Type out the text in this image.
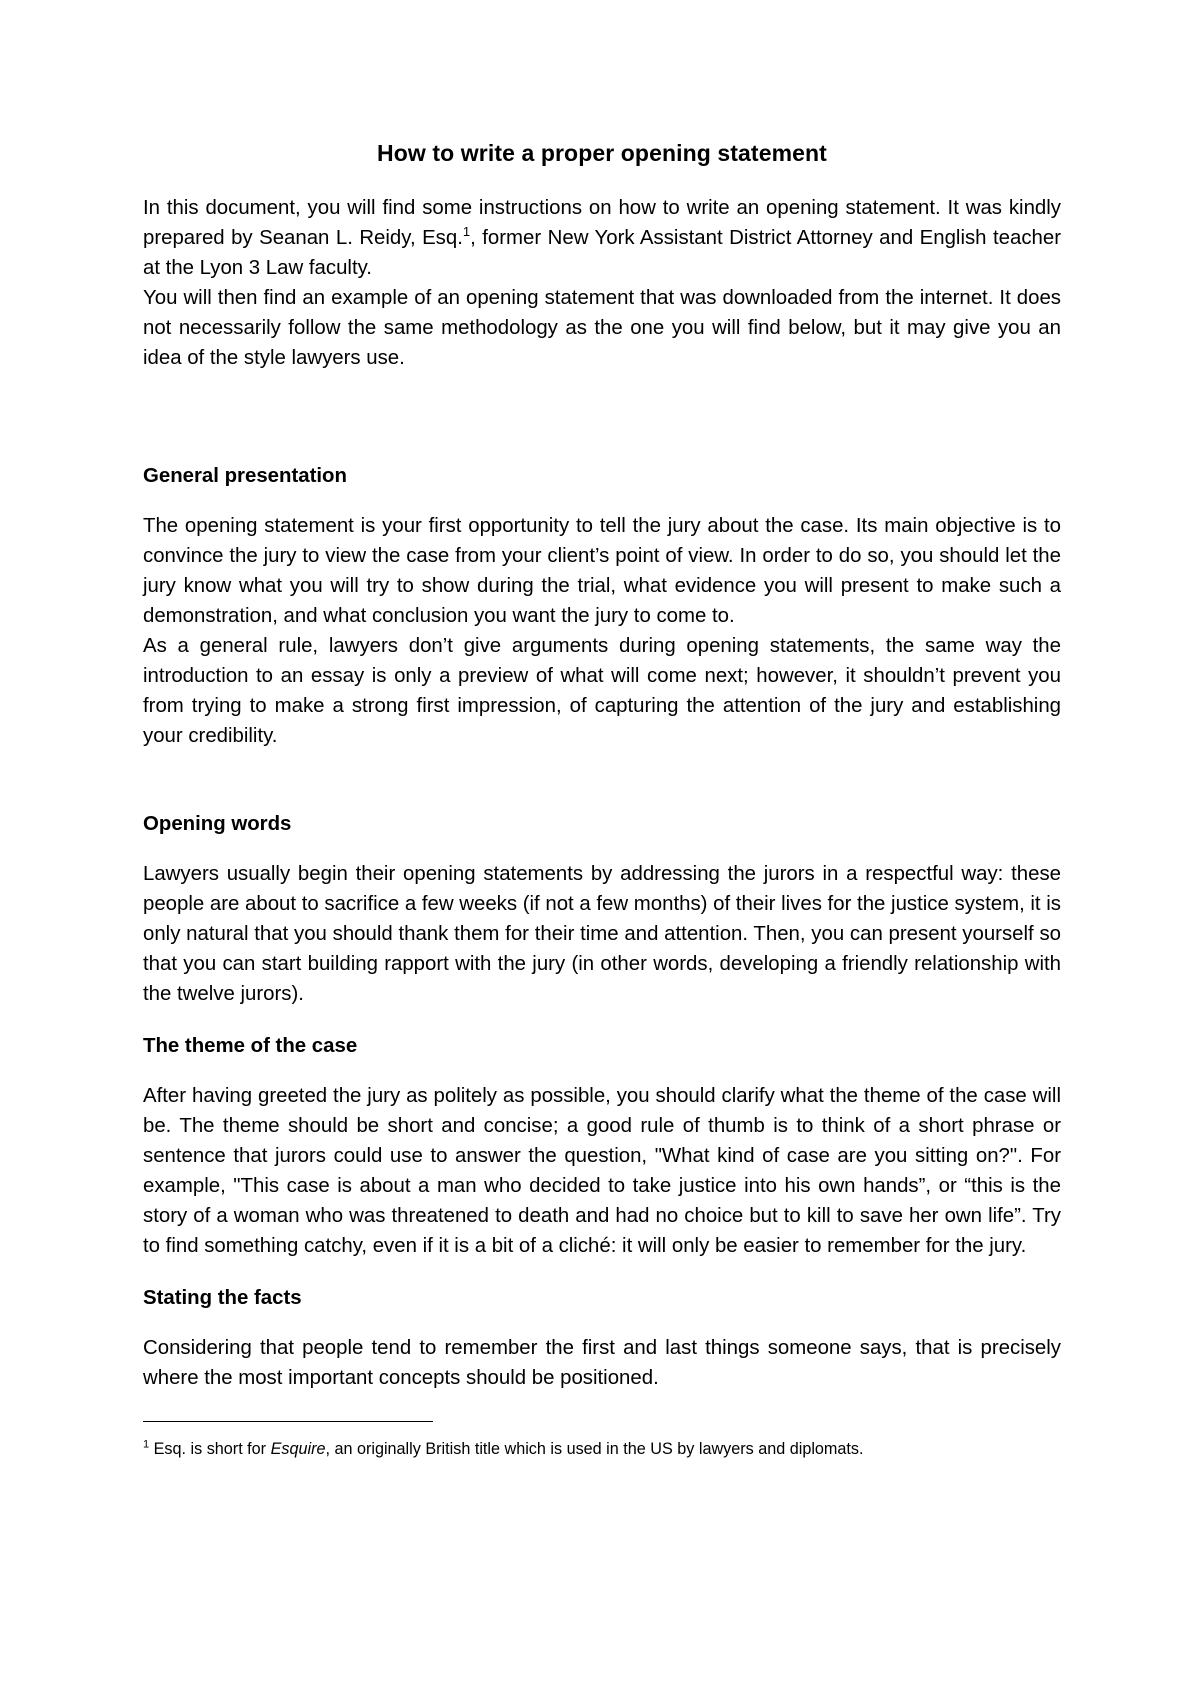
How to write a proper opening statement

In this document, you will find some instructions on how to write an opening statement. It was kindly prepared by Seanan L. Reidy, Esq.$^1$, former New York Assistant District Attorney and English teacher at the Lyon 3 Law faculty.

You will then find an example of an opening statement that was downloaded from the internet. It does not necessarily follow the same methodology as the one you will find below, but it may give you an idea of the style lawyers use.

General presentation

The opening statement is your first opportunity to tell the jury about the case. Its main objective is to convince the jury to view the case from your client’s point of view. In order to do so, you should let the jury know what you will try to show during the trial, what evidence you will present to make such a demonstration, and what conclusion you want the jury to come to.

As a general rule, lawyers don’t give arguments during opening statements, the same way the introduction to an essay is only a preview of what will come next; however, it shouldn’t prevent you from trying to make a strong first impression, of capturing the attention of the jury and establishing your credibility.

Opening words

Lawyers usually begin their opening statements by addressing the jurors in a respectful way: these people are about to sacrifice a few weeks (if not a few months) of their lives for the justice system, it is only natural that you should thank them for their time and attention. Then, you can present yourself so that you can start building rapport with the jury (in other words, developing a friendly relationship with the twelve jurors).

The theme of the case

After having greeted the jury as politely as possible, you should clarify what the theme of the case will be. The theme should be short and concise; a good rule of thumb is to think of a short phrase or sentence that jurors could use to answer the question, "What kind of case are you sitting on?". For example, "This case is about a man who decided to take justice into his own hands”, or “this is the story of a woman who was threatened to death and had no choice but to kill to save her own life”. Try to find something catchy, even if it is a bit of a cliché: it will only be easier to remember for the jury.

Stating the facts

Considering that people tend to remember the first and last things someone says, that is precisely where the most important concepts should be positioned.

$^1$ Esq. is short for Esquire, an originally British title which is used in the US by lawyers and diplomats.
